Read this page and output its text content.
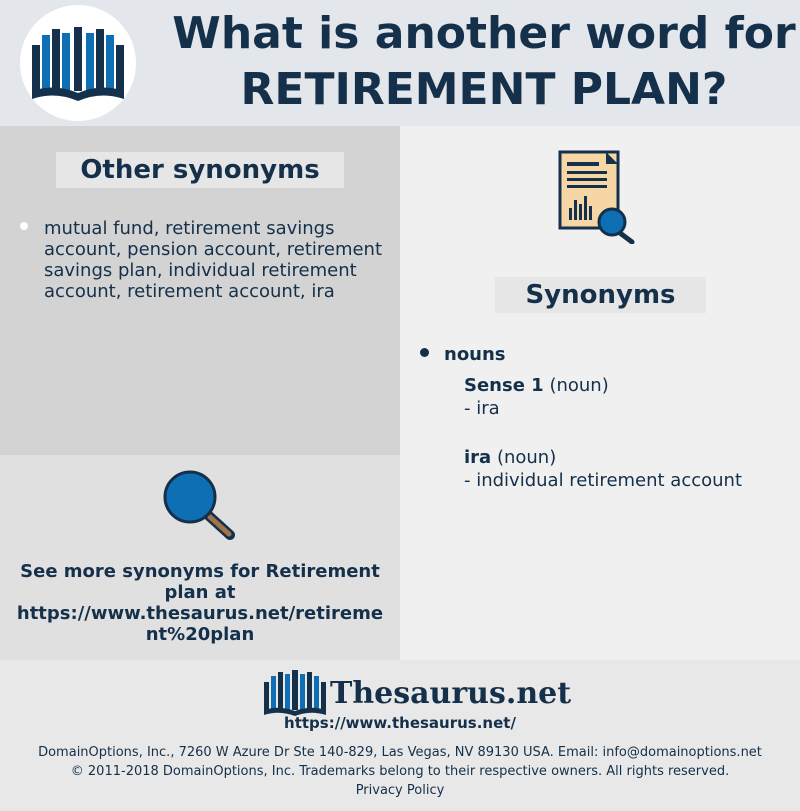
What is another word for
RETIREMENT PLAN?
Other synonyms
mutual fund, retirement savings account, pension account, retirement savings plan, individual retirement account, retirement account, ira
See more synonyms for Retirement plan at
https://www.thesaurus.net/retirement%20plan
Synonyms
nouns
Sense 1 (noun)
- ira
ira (noun)
- individual retirement account
Thesaurus.net
https://www.thesaurus.net/
DomainOptions, Inc., 7260 W Azure Dr Ste 140-829, Las Vegas, NV 89130 USA. Email: info@domainoptions.net
© 2011-2018 DomainOptions, Inc. Trademarks belong to their respective owners. All rights reserved.
Privacy Policy
